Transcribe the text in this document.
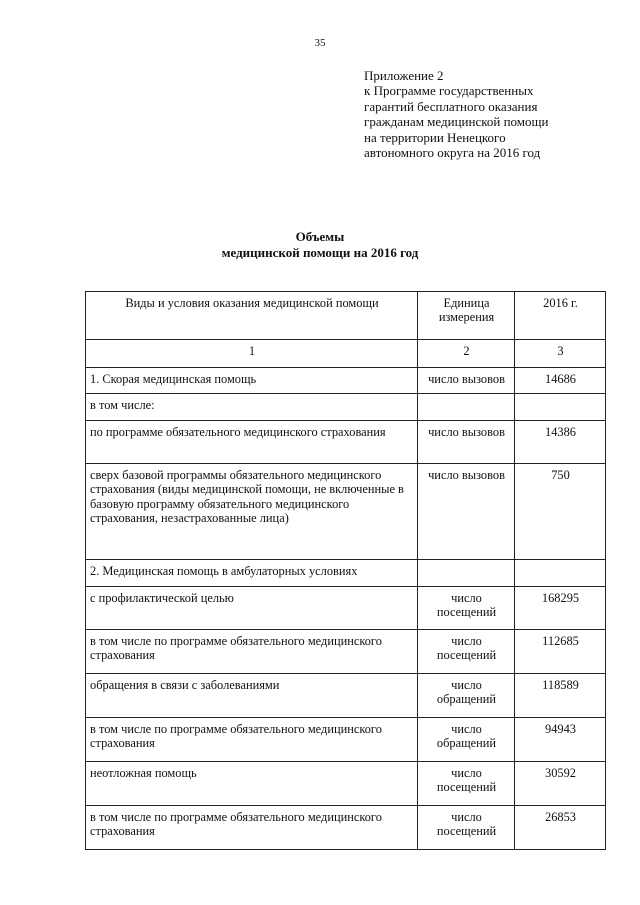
35
Приложение 2
к Программе государственных
гарантий бесплатного оказания
гражданам медицинской помощи
на территории Ненецкого
автономного округа на 2016 год
Объемы
медицинской помощи на 2016 год
Виды и условия оказания медицинской помощи	Единица измерения	2016 г.
1	2	3
1. Скорая медицинская помощь	число вызовов	14686
в том числе:		
по программе обязательного медицинского страхования	число вызовов	14386
сверх базовой программы обязательного медицинского страхования (виды медицинской помощи, не включенные в базовую программу обязательного медицинского страхования, незастрахованные лица)	число вызовов	750
2. Медицинская помощь в амбулаторных условиях		
с профилактической целью	число посещений	168295
в том числе по программе обязательного медицинского страхования	число посещений	112685
обращения в связи с заболеваниями	число обращений	118589
в том числе по программе обязательного медицинского страхования	число обращений	94943
неотложная помощь	число посещений	30592
в том числе по программе обязательного медицинского страхования	число посещений	26853
